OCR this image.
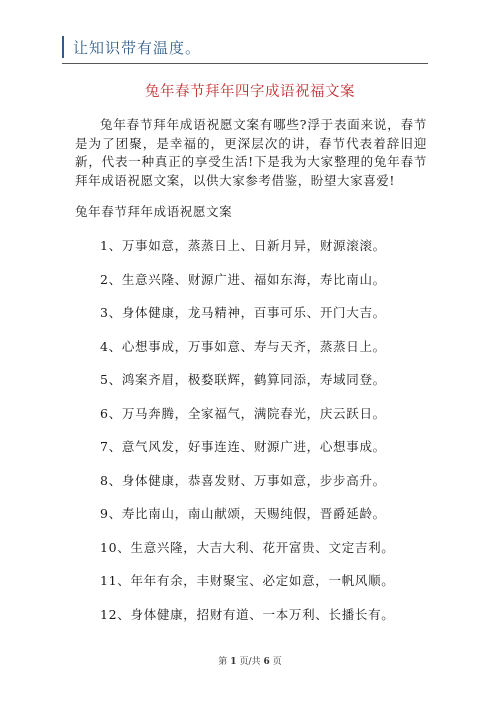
让知识带有温度。
兔年春节拜年四字成语祝福文案

兔年春节拜年成语祝愿文案有哪些?浮于表面来说，春节是为了团聚，是幸福的，更深层次的讲，春节代表着辞旧迎新，代表一种真正的享受生活!下是我为大家整理的兔年春节拜年成语祝愿文案，以供大家参考借鉴，盼望大家喜爱!

兔年春节拜年成语祝愿文案
1、万事如意，蒸蒸日上、日新月异，财源滚滚。
2、生意兴隆、财源广进、福如东海，寿比南山。
3、身体健康，龙马精神，百事可乐、开门大吉。
4、心想事成，万事如意、寿与天齐，蒸蒸日上。
5、鸿案齐眉，极婺联辉，鹤算同添，寿域同登。
6、万马奔腾，全家福气，满院春光，庆云跃日。
7、意气风发，好事连连、财源广进，心想事成。
8、身体健康，恭喜发财、万事如意，步步高升。
9、寿比南山，南山献颂，天赐纯假，晋爵延龄。
10、生意兴隆，大吉大利、花开富贵、文定吉利。
11、年年有余，丰财聚宝、必定如意，一帆风顺。
12、身体健康，招财有道、一本万利、长播长有。
第 1 页/共 6 页
